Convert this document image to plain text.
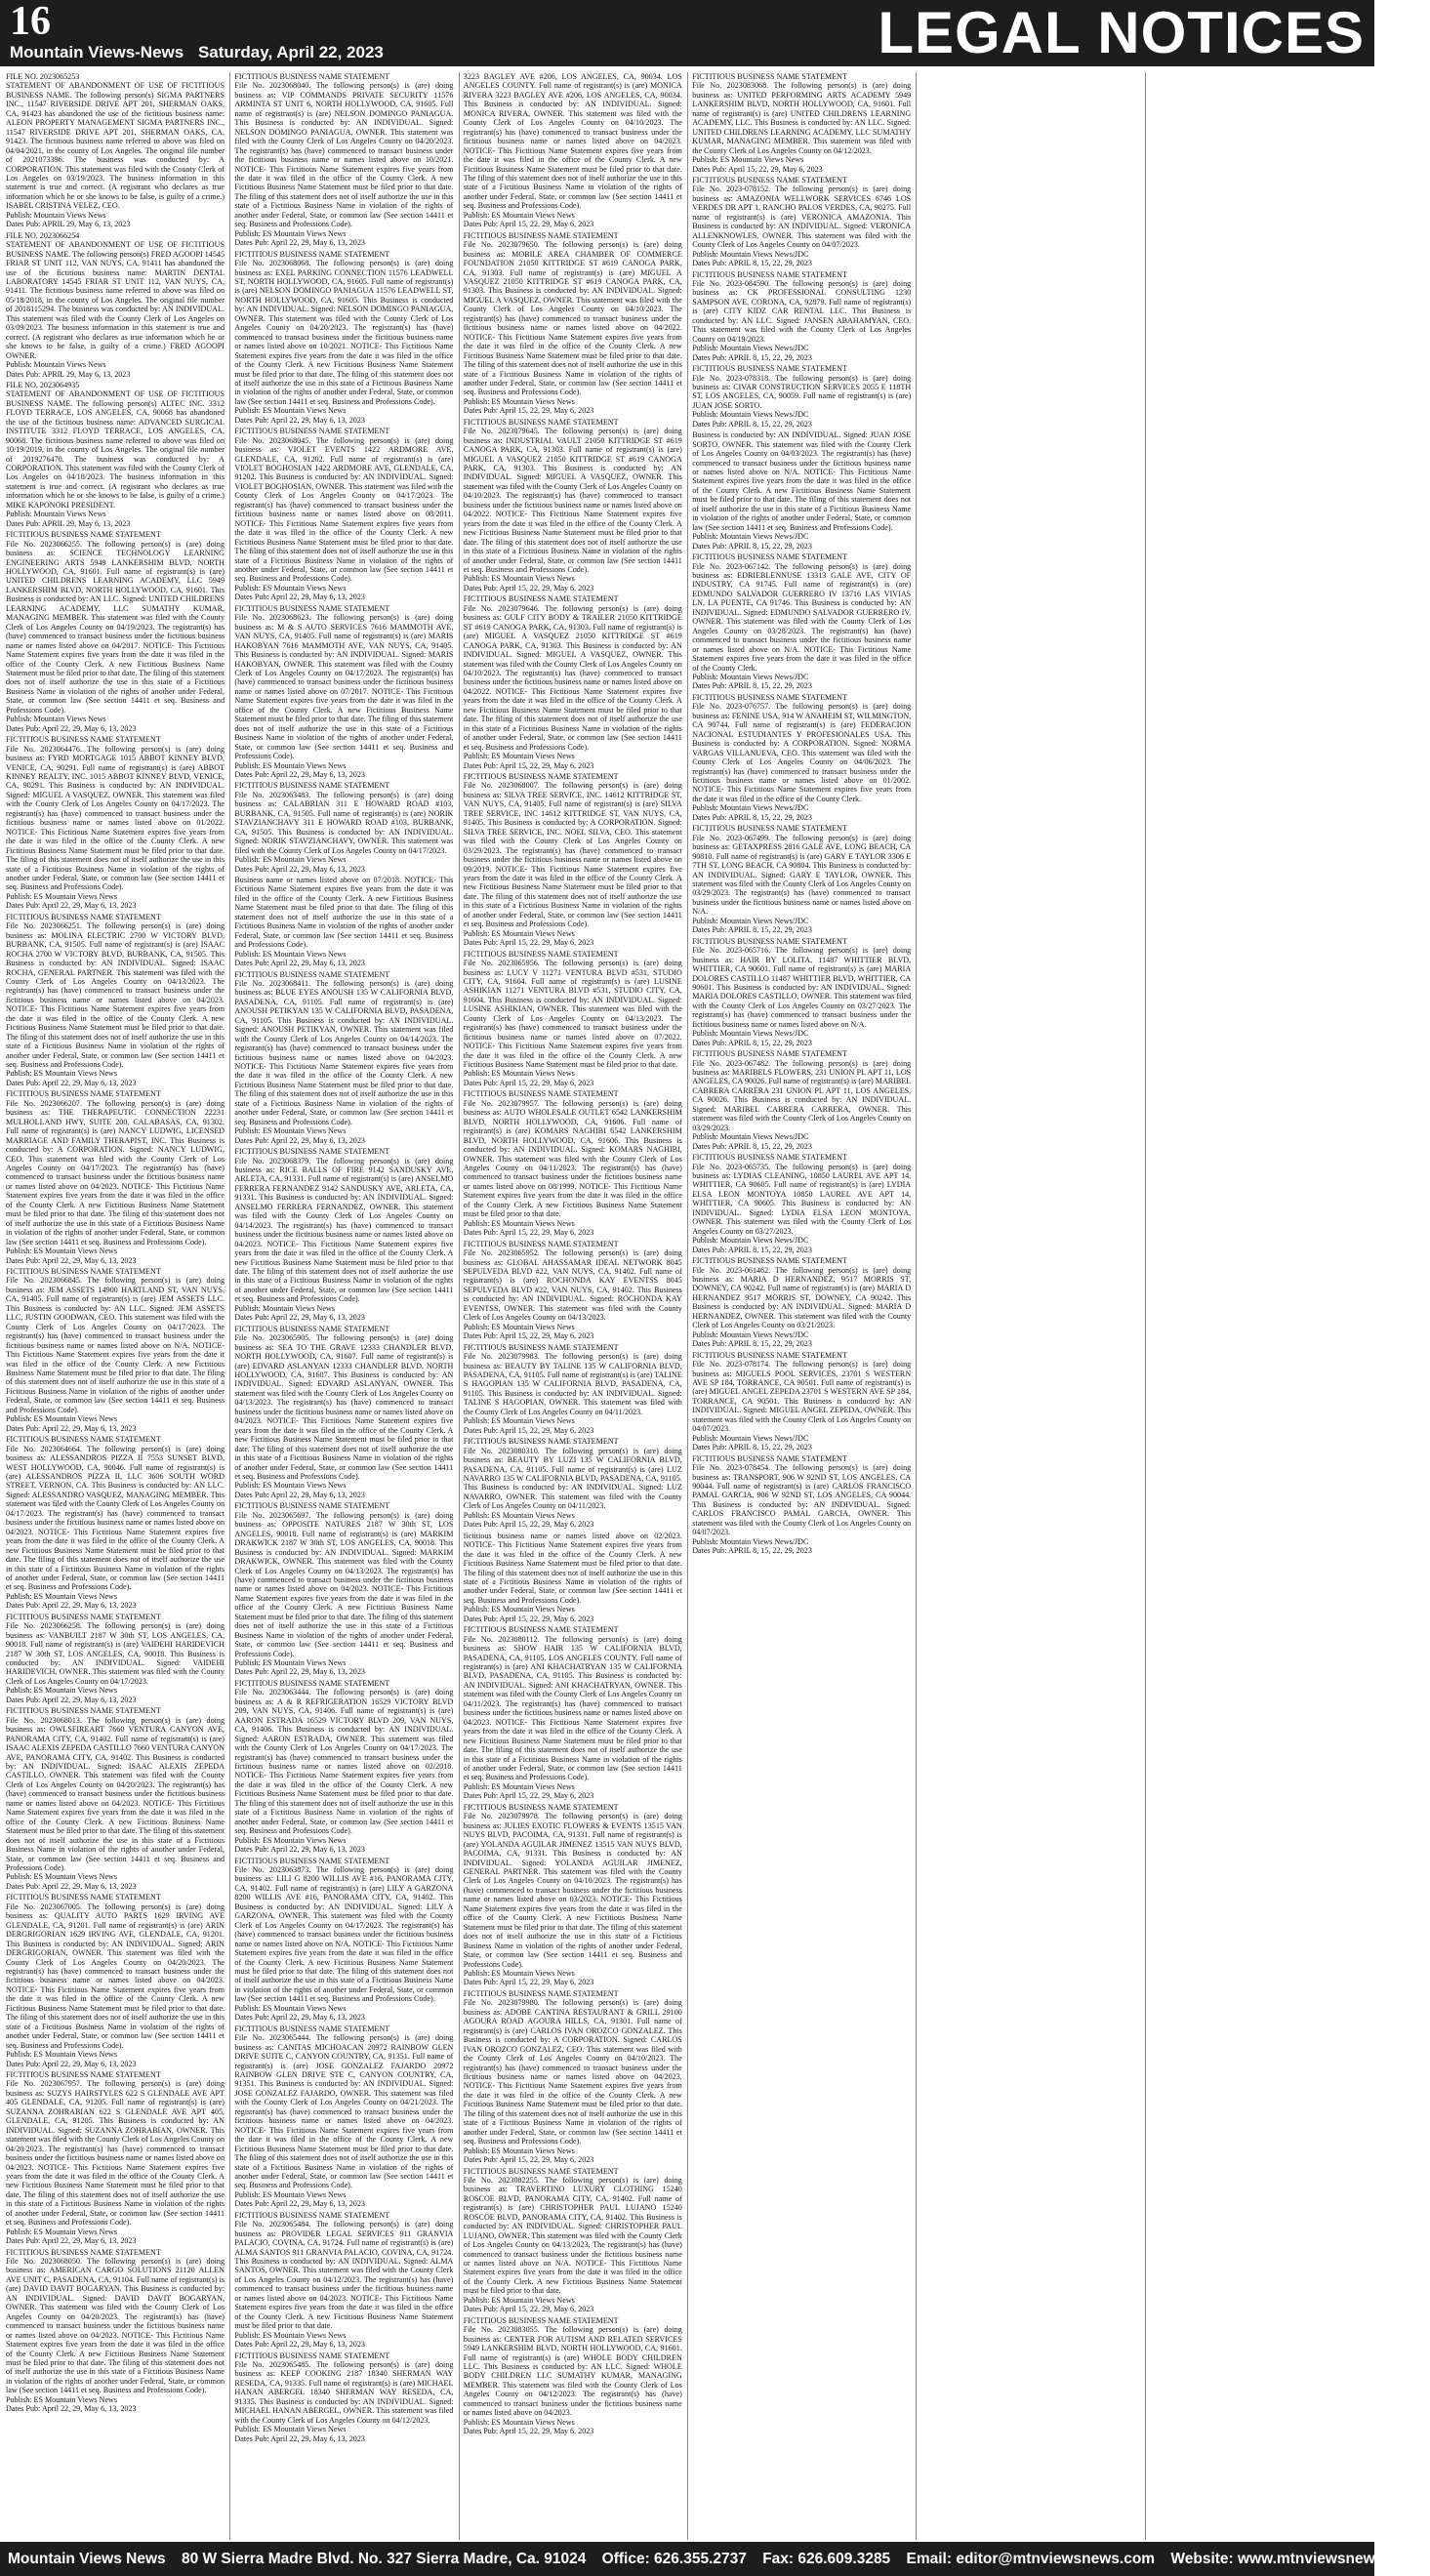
16
Mountain Views-News Saturday, April 22, 2023	LEGAL NOTICES
FILE NO. 2023065253
STATEMENT OF ABANDONMENT OF USE OF FICTITIOUS BUSINESS NAME. The following person(s) SIGMA PARTNERS INC., 11547 RIVERSIDE DRIVE APT 201, SHERMAN OAKS, CA, 91423 has abandoned the use of the fictitious business name: ALEON PROPERTY MANAGEMENT SIGMA PARTNERS INC., 11547 RIVERSIDE DRIVE APT 201, SHERMAN OAKS, CA, 91423. The fictitious business name referred to above was filed on 04/04/2021, in the county of Los Angeles. The original file number of 2021073396. The business was conducted by: A CORPORATION. This statement was filed with the County Clerk of Los Angeles on 03/19/2023. The business information in this statement is true and correct. (A registrant who declares as true information which he or she knows to be false, is guilty of a crime.) ISABEL CRISTINA VELEZ, CEO.
Publish: Mountain Views News
Dates Pub: APRIL 29, May 6, 13, 2023
FILE NO. 2023066254
STATEMENT OF ABANDONMENT OF USE OF FICTITIOUS BUSINESS NAME. The following person(s) FRED AGOOPI 14545 FRIAR ST UNIT 112, VAN NUYS, CA, 91411 has abandoned the use of the fictitious business name: MARTIN DENTAL LABORATORY 14545 FRIAR ST UNIT 112, VAN NUYS, CA, 91411. The fictitious business name referred to above was filed on 05/18/2018, in the county of Los Angeles. The original file number of 2018115294. The business was conducted by: AN INDIVIDUAL. This statement was filed with the County Clerk of Los Angeles on 03/09/2023. The business information in this statement is true and correct. (A registrant who declares as true information which he or she knows to be false, is guilty of a crime.) FRED AGOOPI OWNER.
Publish: Mountain Views News
Dates Pub: APRIL 29, May 6, 13, 2023
FILE NO. 2023064935
STATEMENT OF ABANDONMENT OF USE OF FICTITIOUS BUSINESS NAME. The following person(s) ALTEC INC. 3312 FLOYD TERRACE, LOS ANGELES, CA, 90068 has abandoned the use of the fictitious business name: ADVANCED SURGICAL INSTITUTE 3312 FLOYD TERRACE, LOS ANGELES, CA, 90068. The fictitious business name referred to above was filed on 10/19/2019, in the county of Los Angeles. The original file number of 2019276470. The business was conducted by: A CORPORATION. This statement was filed with the County Clerk of Los Angeles on 04/18/2023. The business information in this statement is true and correct. (A registrant who declares as true information which he or she knows to be false, is guilty of a crime.) MIKE KAPONOKI PRESIDENT.
Publish: Mountain Views News
Dates Pub: APRIL 29, May 6, 13, 2023
FICTITIOUS BUSINESS NAME STATEMENT
File No. 2023066255. The following person(s) is (are) doing business as: SCIENCE TECHNOLOGY LEARNING ENGINEERING ARTS 5949 LANKERSHIM BLVD, NORTH HOLLYWOOD, CA, 91601. Full name of registrant(s) is (are) UNITED CHILDRENS LEARNING ACADEMY, LLC 5949 LANKERSHIM BLVD, NORTH HOLLYWOOD, CA, 91601. This Business is conducted by: AN LLC. Signed: UNITED CHILDRENS LEARNING ACADEMY, LLC SUMATHY KUMAR, MANAGING MEMBER. This statement was filed with the County Clerk of Los Angeles County on 04/19/2023. The registrant(s) has (have) commenced to transact business under the fictitious business name or names listed above on 04/2017. NOTICE- This Fictitious Name Statement expires five years from the date it was filed in the office of the County Clerk. A new Fictitious Business Name Statement must be filed prior to that date. The filing of this statement does not of itself authorize the use in this state of a Fictitious Business Name in violation of the rights of another under Federal, State, or common law (See section 14411 et seq. Business and Professions Code).
Publish: Mountain Views News
Dates Pub: April 22, 29, May 6, 13, 2023
FICTITIOUS BUSINESS NAME STATEMENT
File No. 2023064476. The following person(s) is (are) doing business as: FYRD MORTGAGE 1015 ABBOT KINNEY BLVD, VENICE, CA, 90291. Full name of registrant(s) is (are) ABBOT KINNEY REALTY, INC. 1015 ABBOT KINNEY BLVD, VENICE, CA, 90291. This Business is conducted by: AN INDIVIDUAL. Signed: MIGUEL A VASQUEZ, OWNER. This statement was filed with the County Clerk of Los Angeles County on 04/17/2023. The registrant(s) has (have) commenced to transact business under the fictitious business name or names listed above on 01/2022. NOTICE- This Fictitious Name Statement expires five years from the date it was filed in the office of the County Clerk. A new Fictitious Business Name Statement must be filed prior to that date. The filing of this statement does not of itself authorize the use in this state of a Fictitious Business Name in violation of the rights of another under Federal, State, or common law (See section 14411 et seq. Business and Professions Code).
Publish: ES Mountain Views News
Dates Pub: April 22, 29, May 6, 13, 2023
FICTITIOUS BUSINESS NAME STATEMENT
File No. 2023066251. The following person(s) is (are) doing business as: MOLINA ELECTRIC 2700 W VICTORY BLVD, BURBANK, CA, 91505. Full name of registrant(s) is (are) ISAAC ROCHA 2700 W VICTORY BLVD, BURBANK, CA, 91505. This Business is conducted by: AN INDIVIDUAL. Signed: ISAAC ROCHA, GENERAL PARTNER. This statement was filed with the County Clerk of Los Angeles County on 04/13/2023. The registrant(s) has (have) commenced to transact business under the fictitious business name or names listed above on 04/2023. NOTICE- This Fictitious Name Statement expires five years from the date it was filed in the office of the County Clerk. A new Fictitious Business Name Statement must be filed prior to that date. The filing of this statement does not of itself authorize the use in this state of a Fictitious Business Name in violation of the rights of another under Federal, State, or common law (See section 14411 et seq. Business and Professions Code).
Publish: ES Mountain Views News
Dates Pub: April 22, 29, May 6, 13, 2023
FICTITIOUS BUSINESS NAME STATEMENT
File No. 2023066207. The following person(s) is (are) doing business as: THE THERAPEUTIC CONNECTION 22231 MULHOLLAND HWY, SUITE 200, CALABASAS, CA, 91302. Full name of registrant(s) is (are) NANCY LUDWIG, LICENSED MARRIAGE AND FAMILY THERAPIST, INC. This Business is conducted by: A CORPORATION. Signed: NANCY LUDWIG, CEO. This statement was filed with the County Clerk of Los Angeles County on 04/17/2023. The registrant(s) has (have) commenced to transact business under the fictitious business name or names listed above on 04/2023. NOTICE- This Fictitious Name Statement expires five years from the date it was filed in the office of the County Clerk. A new Fictitious Business Name Statement must be filed prior to that date. The filing of this statement does not of itself authorize the use in this state of a Fictitious Business Name in violation of the rights of another under Federal, State, or common law (See section 14411 et seq. Business and Professions Code).
Publish: ES Mountain Views News
Dates Pub: April 22, 29, May 6, 13, 2023
FICTITIOUS BUSINESS NAME STATEMENT
File No. 2023066845. The following person(s) is (are) doing business as: JEM ASSETS 14900 HARTLAND ST, VAN NUYS, CA, 91405. Full name of registrant(s) is (are) JEM ASSETS LLC. This Business is conducted by: AN LLC. Signed: JEM ASSETS LLC, JUSTIN GOODWAN, CEO. This statement was filed with the County Clerk of Los Angeles County on 04/17/2023. The registrant(s) has (have) commenced to transact business under the fictitious business name or names listed above on N/A. NOTICE- This Fictitious Name Statement expires five years from the date it was filed in the office of the County Clerk. A new Fictitious Business Name Statement must be filed prior to that date. The filing of this statement does not of itself authorize the use in this state of a Fictitious Business Name in violation of the rights of another under Federal, State, or common law (See section 14411 et seq. Business and Professions Code).
Publish: ES Mountain Views News
Dates Pub: April 22, 29, May 6, 13, 2023
FICTITIOUS BUSINESS NAME STATEMENT
File No. 2023064664. The following person(s) is (are) doing business as: ALESSANDROS PIZZA II 7553 SUNSET BLVD, WEST HOLLYWOOD, CA, 90046. Full name of registrant(s) is (are) ALESSANDROS PIZZA II, LLC 3606 SOUTH WORD STREET, VERNON, CA. This Business is conducted by: AN LLC. Signed: ALESSANDRO VASQUEZ, MANAGING MEMBER. This statement was filed with the County Clerk of Los Angeles County on 04/17/2023. The registrant(s) has (have) commenced to transact business under the fictitious business name or names listed above on 04/2023. NOTICE- This Fictitious Name Statement expires five years from the date it was filed in the office of the County Clerk. A new Fictitious Business Name Statement must be filed prior to that date. The filing of this statement does not of itself authorize the use in this state of a Fictitious Business Name in violation of the rights of another under Federal, State, or common law (See section 14411 et seq. Business and Professions Code).
Publish: ES Mountain Views News
Dates Pub: April 22, 29, May 6, 13, 2023
FICTITIOUS BUSINESS NAME STATEMENT
File No. 2023066258. The following person(s) is (are) doing business as: VANBUILT 2187 W 30th ST, LOS ANGELES, CA, 90018. Full name of registrant(s) is (are) VAIDEHI HARIDEVICH 2187 W 30th ST, LOS ANGELES, CA, 90018. This Business is conducted by: AN INDIVIDUAL. Signed: VAIDEHI HARIDEVICH, OWNER. This statement was filed with the County Clerk of Los Angeles County on 04/17/2023.
Publish: ES Mountain Views News
Dates Pub: April 22, 29, May 6, 13, 2023
FICTITIOUS BUSINESS NAME STATEMENT
File No. 2023068013. The following person(s) is (are) doing business as: OWLSFIREART 7660 VENTURA CANYON AVE, PANORAMA CITY, CA, 91402. Full name of registrant(s) is (are) ISAAC ALEXIS ZEPEDA CASTILLO 7660 VENTURA CANYON AVE, PANORAMA CITY, CA, 91402. This Business is conducted by: AN INDIVIDUAL. Signed: ISAAC ALEXIS ZEPEDA CASTILLO, OWNER. This statement was filed with the County Clerk of Los Angeles County on 04/20/2023. The registrant(s) has (have) commenced to transact business under the fictitious business name or names listed above on 04/2023. NOTICE- This Fictitious Name Statement expires five years from the date it was filed in the office of the County Clerk. A new Fictitious Business Name Statement must be filed prior to that date. The filing of this statement does not of itself authorize the use in this state of a Fictitious Business Name in violation of the rights of another under Federal, State, or common law (See section 14411 et seq. Business and Professions Code).
Publish: ES Mountain Views News
Dates Pub: April 22, 29, May 6, 13, 2023
FICTITIOUS BUSINESS NAME STATEMENT
File No. 2023067005. The following person(s) is (are) doing business as: QUALITY AUTO PARTS 1629 IRVING AVE GLENDALE, CA, 91201. Full name of registrant(s) is (are) ARIN DERGRIGORIAN 1629 IRVING AVE, GLENDALE, CA, 91201. This Business is conducted by: AN INDIVIDUAL. Signed: ARIN DERGRIGORIAN, OWNER. This statement was filed with the County Clerk of Los Angeles County on 04/20/2023. The registrant(s) has (have) commenced to transact business under the fictitious business name or names listed above on 04/2023. NOTICE- This Fictitious Name Statement expires five years from the date it was filed in the office of the County Clerk. A new Fictitious Business Name Statement must be filed prior to that date. The filing of this statement does not of itself authorize the use in this state of a Fictitious Business Name in violation of the rights of another under Federal, State, or common law (See section 14411 et seq. Business and Professions Code).
Publish: ES Mountain Views News
Dates Pub: April 22, 29, May 6, 13, 2023
FICTITIOUS BUSINESS NAME STATEMENT
File No. 2023067957. The following person(s) is (are) doing business as: SUZYS HAIRSTYLES 622 S GLENDALE AVE APT 405 GLENDALE, CA, 91205. Full name of registrant(s) is (are) SUZANNA ZOHRABIAN 622 S GLENDALE AVE APT 405, GLENDALE, CA, 91205. This Business is conducted by: AN INDIVIDUAL. Signed: SUZANNA ZOHRABIAN, OWNER. This statement was filed with the County Clerk of Los Angeles County on 04/20/2023. The registrant(s) has (have) commenced to transact business under the fictitious business name or names listed above on 04/2023. NOTICE- This Fictitious Name Statement expires five years from the date it was filed in the office of the County Clerk. A new Fictitious Business Name Statement must be filed prior to that date. The filing of this statement does not of itself authorize the use in this state of a Fictitious Business Name in violation of the rights of another under Federal, State, or common law (See section 14411 et seq. Business and Professions Code).
Publish: ES Mountain Views News
Dates Pub: April 22, 29, May 6, 13, 2023
FICTITIOUS BUSINESS NAME STATEMENT
File No. 2023068050. The following person(s) is (are) doing business as: AMERICAN CARGO SOLUTIONS 21120 ALLEN AVE UNIT C, PASADENA, CA, 91104. Full name of registrant(s) is (are) DAVID DAVIT BOGARYAN. This Business is conducted by: AN INDIVIDUAL. Signed: DAVID DAVIT BOGARYAN, OWNER. This statement was filed with the County Clerk of Los Angeles County on 04/20/2023. The registrant(s) has (have) commenced to transact business under the fictitious business name or names listed above on 04/2023. NOTICE- This Fictitious Name Statement expires five years from the date it was filed in the office of the County Clerk. A new Fictitious Business Name Statement must be filed prior to that date. The filing of this statement does not of itself authorize the use in this state of a Fictitious Business Name in violation of the rights of another under Federal, State, or common law (See section 14411 et seq. Business and Professions Code).
Publish: ES Mountain Views News
Dates Pub: April 22, 29, May 6, 13, 2023
FICTITIOUS BUSINESS NAME STATEMENT
File No. 2023068040. The following person(s) is (are) doing business as: VIP COMMANDS PRIVATE SECURITY 11576 ARMINTA ST UNIT 6, NORTH HOLLYWOOD, CA, 91605. Full name of registrant(s) is (are) NELSON DOMINGO PANIAGUA. This Business is conducted by: AN INDIVIDUAL. Signed: NELSON DOMINGO PANIAGUA, OWNER. This statement was filed with the County Clerk of Los Angeles County on 04/20/2023. The registrant(s) has (have) commenced to transact business under the fictitious business name or names listed above on 10/2021. NOTICE- This Fictitious Name Statement expires five years from the date it was filed in the office of the County Clerk. A new Fictitious Business Name Statement must be filed prior to that date. The filing of this statement does not of itself authorize the use in this state of a Fictitious Business Name in violation of the rights of another under Federal, State, or common law (See section 14411 et seq. Business and Professions Code).
Publish: ES Mountain Views News
Dates Pub: April 22, 29, May 6, 13, 2023
FICTITIOUS BUSINESS NAME STATEMENT
File No. 2023068068. The following person(s) is (are) doing business as: EXEL PARKING CONNECTION 11576 LEADWELL ST, NORTH HOLLYWOOD, CA, 91605. Full name of registrant(s) is (are) NELSON DOMINGO PANIAGUA 11576 LEADWELL ST, NORTH HOLLYWOOD, CA, 91605. This Business is conducted by: AN INDIVIDUAL. Signed: NELSON DOMINGO PANIAGUA, OWNER. This statement was filed with the County Clerk of Los Angeles County on 04/20/2023. The registrant(s) has (have) commenced to transact business under the fictitious business name or names listed above on 10/2021. NOTICE- This Fictitious Name Statement expires five years from the date it was filed in the office of the County Clerk. A new Fictitious Business Name Statement must be filed prior to that date. The filing of this statement does not of itself authorize the use in this state of a Fictitious Business Name in violation of the rights of another under Federal, State, or common law (See section 14411 et seq. Business and Professions Code).
Publish: ES Mountain Views News
Dates Pub: April 22, 29, May 6, 13, 2023
FICTITIOUS BUSINESS NAME STATEMENT
File No. 2023068045. The following person(s) is (are) doing business as: VIOLET EVENTS 1422 ARDMORE AVE, GLENDALE, CA, 91202. Full name of registrant(s) is (are) VIOLET BOGHOSIAN 1422 ARDMORE AVE, GLENDALE, CA, 91202. This Business is conducted by: AN INDIVIDUAL. Signed: VIOLET BOGHOSIAN, OWNER. This statement was filed with the County Clerk of Los Angeles County on 04/17/2023. The registrant(s) has (have) commenced to transact business under the fictitious business name or names listed above on 08/2011. NOTICE- This Fictitious Name Statement expires five years from the date it was filed in the office of the County Clerk. A new Fictitious Business Name Statement must be filed prior to that date. The filing of this statement does not of itself authorize the use in this state of a Fictitious Business Name in violation of the rights of another under Federal, State, or common law (See section 14411 et seq. Business and Professions Code).
Publish: ES Mountain Views News
Dates Pub: April 22, 29, May 6, 13, 2023
FICTITIOUS BUSINESS NAME STATEMENT
File No. 2023068623. The following person(s) is (are) doing business as: M & S AUTO SERVICES 7616 MAMMOTH AVE, VAN NUYS, CA, 91405. Full name of registrant(s) is (are) MARIS HAKOBYAN 7616 MAMMOTH AVE, VAN NUYS, CA, 91405. This Business is conducted by: AN INDIVIDUAL. Signed: MARIS HAKOBYAN, OWNER. This statement was filed with the County Clerk of Los Angeles County on 04/17/2023. The registrant(s) has (have) commenced to transact business under the fictitious business name or names listed above on 07/2017. NOTICE- This Fictitious Name Statement expires five years from the date it was filed in the office of the County Clerk. A new Fictitious Business Name Statement must be filed prior to that date. The filing of this statement does not of itself authorize the use in this state of a Fictitious Business Name in violation of the rights of another under Federal, State, or common law (See section 14411 et seq. Business and Professions Code).
Publish: ES Mountain Views News
Dates Pub: April 22, 29, May 6, 13, 2023
FICTITIOUS BUSINESS NAME STATEMENT
File No. 2023063483. The following person(s) is (are) doing business as: CALABRIAN 311 E HOWARD ROAD #103, BURBANK, CA, 91505. Full name of registrant(s) is (are) NORIK STAVZIANCHAVY 311 E HOWARD ROAD #103, BURBANK, CA, 91505. This Business is conducted by: AN INDIVIDUAL. Signed: NORIK STAVZIANCHAVY, OWNER. This statement was filed with the County Clerk of Los Angeles County on 04/17/2023.
Publish: ES Mountain Views News
Dates Pub: April 22, 29, May 6, 13, 2023
Business name or names listed above on 07/2018. NOTICE- This Fictitious Name Statement expires five years from the date it was filed in the office of the County Clerk. A new Fictitious Business Name Statement must be filed prior to that date. The filing of this statement does not of itself authorize the use in this state of a Fictitious Business Name in violation of the rights of another under Federal, State, or common law (See section 14411 et seq. Business and Professions Code).
Publish: ES Mountain Views News
Dates Pub: April 22, 29, May 6, 13, 2023
FICTITIOUS BUSINESS NAME STATEMENT
File No. 2023068411. The following person(s) is (are) doing business as: BLUE EYES ANOUSH 135 W CALIFORNIA BLVD, PASADENA, CA, 91105. Full name of registrant(s) is (are) ANOUSH PETIKYAN 135 W CALIFORNIA BLVD, PASADENA, CA, 91105. This Business is conducted by: AN INDIVIDUAL. Signed: ANOUSH PETIKYAN, OWNER. This statement was filed with the County Clerk of Los Angeles County on 04/14/2023. The registrant(s) has (have) commenced to transact business under the fictitious business name or names listed above on 04/2023. NOTICE- This Fictitious Name Statement expires five years from the date it was filed in the office of the County Clerk. A new Fictitious Business Name Statement must be filed prior to that date. The filing of this statement does not of itself authorize the use in this state of a Fictitious Business Name in violation of the rights of another under Federal, State, or common law (See section 14411 et seq. Business and Professions Code).
Publish: ES Mountain Views News
Dates Pub: April 22, 29, May 6, 13, 2023
FICTITIOUS BUSINESS NAME STATEMENT
File No. 2023068379. The following person(s) is (are) doing business as: RICE BALLS OF FIRE 9142 SANDUSKY AVE, ARLETA, CA, 91331. Full name of registrant(s) is (are) ANSELMO FERRERA FERNANDEZ 9142 SANDUSKY AVE, ARLETA, CA, 91331. This Business is conducted by: AN INDIVIDUAL. Signed: ANSELMO FERRERA FERNANDEZ, OWNER. This statement was filed with the County Clerk of Los Angeles County on 04/14/2023. The registrant(s) has (have) commenced to transact business under the fictitious business name or names listed above on 04/2023. NOTICE- This Fictitious Name Statement expires five years from the date it was filed in the office of the County Clerk. A new Fictitious Business Name Statement must be filed prior to that date. The filing of this statement does not of itself authorize the use in this state of a Fictitious Business Name in violation of the rights of another under Federal, State, or common law (See section 14411 et seq. Business and Professions Code).
Publish: Mountain Views News
Dates Pub: April 22, 29, May 6, 13, 2023
FICTITIOUS BUSINESS NAME STATEMENT
File No. 2023065905. The following person(s) is (are) doing business as: SEA TO THE GRAVE 12333 CHANDLER BLVD, NORTH HOLLYWOOD, CA, 91607. Full name of registrant(s) is (are) EDVARD ASLANYAN 12333 CHANDLER BLVD, NORTH HOLLYWOOD, CA, 91607. This Business is conducted by: AN INDIVIDUAL. Signed: EDVARD ASLANYAN, OWNER. This statement was filed with the County Clerk of Los Angeles County on 04/13/2023. The registrant(s) has (have) commenced to transact business under the fictitious business name or names listed above on 04/2023. NOTICE- This Fictitious Name Statement expires five years from the date it was filed in the office of the County Clerk. A new Fictitious Business Name Statement must be filed prior to that date. The filing of this statement does not of itself authorize the use in this state of a Fictitious Business Name in violation of the rights of another under Federal, State, or common law (See section 14411 et seq. Business and Professions Code).
Publish: ES Mountain Views News
Dates Pub: April 22, 29, May 6, 13, 2023
FICTITIOUS BUSINESS NAME STATEMENT
File No. 2023065697. The following person(s) is (are) doing business as: OPPOSITE NATURES 2187 W 30th ST, LOS ANGELES, 90018. Full name of registrant(s) is (are) MARKIM DRAKWICK 2187 W 30th ST, LOS ANGELES, CA, 90018. This Business is conducted by: AN INDIVIDUAL. Signed: MARKIM DRAKWICK, OWNER. This statement was filed with the County Clerk of Los Angeles County on 04/13/2023. The registrant(s) has (have) commenced to transact business under the fictitious business name or names listed above on 04/2023. NOTICE- This Fictitious Name Statement expires five years from the date it was filed in the office of the County Clerk. A new Fictitious Business Name Statement must be filed prior to that date. The filing of this statement does not of itself authorize the use in this state of a Fictitious Business Name in violation of the rights of another under Federal, State, or common law (See section 14411 et seq. Business and Professions Code).
Publish: ES Mountain Views News
Dates Pub: April 22, 29, May 6, 13, 2023
FICTITIOUS BUSINESS NAME STATEMENT
File No. 2023063444. The following person(s) is (are) doing business as: A & R REFRIGERATION 16529 VICTORY BLVD 209, VAN NUYS, CA, 91406. Full name of registrant(s) is (are) AARON ESTRADA 16529 VICTORY BLVD 209, VAN NUYS, CA, 91406. This Business is conducted by: AN INDIVIDUAL. Signed: AARON ESTRADA, OWNER. This statement was filed with the County Clerk of Los Angeles County on 04/17/2023. The registrant(s) has (have) commenced to transact business under the fictitious business name or names listed above on 02/2018. NOTICE- This Fictitious Name Statement expires five years from the date it was filed in the office of the County Clerk. A new Fictitious Business Name Statement must be filed prior to that date. The filing of this statement does not of itself authorize the use in this state of a Fictitious Business Name in violation of the rights of another under Federal, State, or common law (See section 14411 et seq. Business and Professions Code).
Publish: ES Mountain Views News
Dates Pub: April 22, 29, May 6, 13, 2023
FICTITIOUS BUSINESS NAME STATEMENT
File No. 2023063873. The following person(s) is (are) doing business as: LILI G 8200 WILLIS AVE #16, PANORAMA CITY, CA, 91402. Full name of registrant(s) is (are) LILY A GARZONA 8200 WILLIS AVE #16, PANORAMA CITY, CA, 91402. This Business is conducted by: AN INDIVIDUAL. Signed: LILY A GARZONA, OWNER. This statement was filed with the County Clerk of Los Angeles County on 04/17/2023. The registrant(s) has (have) commenced to transact business under the fictitious business name or names listed above on N/A. NOTICE- This Fictitious Name Statement expires five years from the date it was filed in the office of the County Clerk. A new Fictitious Business Name Statement must be filed prior to that date. The filing of this statement does not of itself authorize the use in this state of a Fictitious Business Name in violation of the rights of another under Federal, State, or common law (See section 14411 et seq. Business and Professions Code).
Publish: ES Mountain Views News
Dates Pub: April 22, 29, May 6, 13, 2023
FICTITIOUS BUSINESS NAME STATEMENT
File No. 2023065444. The following person(s) is (are) doing business as: CANITAS MICHOACAN 20972 RAINBOW GLEN DRIVE SUITE C, CANYON COUNTRY, CA, 91351. Full name of registrant(s) is (are) JOSE GONZALEZ FAJARDO 20972 RAINBOW GLEN DRIVE STE C, CANYON COUNTRY, CA, 91351. This Business is conducted by: AN INDIVIDUAL. Signed: JOSE GONZALEZ FAJARDO, OWNER. This statement was filed with the County Clerk of Los Angeles County on 04/21/2023. The registrant(s) has (have) commenced to transact business under the fictitious business name or names listed above on 04/2023. NOTICE- This Fictitious Name Statement expires five years from the date it was filed in the office of the County Clerk. A new Fictitious Business Name Statement must be filed prior to that date. The filing of this statement does not of itself authorize the use in this state of a Fictitious Business Name in violation of the rights of another under Federal, State, or common law (See section 14411 et seq. Business and Professions Code).
Publish: ES Mountain Views News
Dates Pub: April 22, 29, May 6, 13, 2023
FICTITIOUS BUSINESS NAME STATEMENT
File No. 2023065484. The following person(s) is (are) doing business as: PROVIDER LEGAL SERVICES 911 GRANVIA PALACIO, COVINA, CA, 91724. Full name of registrant(s) is (are) ALMA SANTOS 911 GRANVIA PALACIO, COVINA, CA, 91724. This Business is conducted by: AN INDIVIDUAL. Signed: ALMA SANTOS, OWNER. This statement was filed with the County Clerk of Los Angeles County on 04/12/2023. The registrant(s) has (have) commenced to transact business under the fictitious business name or names listed above on 04/2023. NOTICE- This Fictitious Name Statement expires five years from the date it was filed in the office of the County Clerk. A new Fictitious Business Name Statement must be filed prior to that date.
Publish: ES Mountain Views News
Dates Pub: April 22, 29, May 6, 13, 2023
FICTITIOUS BUSINESS NAME STATEMENT
File No. 2023065485. The following person(s) is (are) doing business as: KEEP COOKING 2187 18340 SHERMAN WAY RESEDA, CA, 91335. Full name of registrant(s) is (are) MICHAEL HANAN ABERGEL 18340 SHERMAN WAY RESEDA, CA, 91335. This Business is conducted by: AN INDIVIDUAL. Signed: MICHAEL HANAN ABERGEL, OWNER. This statement was filed with the County Clerk of Los Angeles County on 04/12/2023.
Publish: ES Mountain Views News
Dates Pub: April 22, 29, May 6, 13, 2023
3223 BAGLEY AVE #206, LOS ANGELES, CA, 90034. LOS ANGELES COUNTY. Full name of registrant(s) is (are) MONICA RIVERA 3223 BAGLEY AVE #206, LOS ANGELES, CA, 90034. This Business is conducted by: AN INDIVIDUAL. Signed: MONICA RIVERA, OWNER. This statement was filed with the County Clerk of Los Angeles County on 04/10/2023. The registrant(s) has (have) commenced to transact business under the fictitious business name or names listed above on 04/2023. NOTICE- This Fictitious Name Statement expires five years from the date it was filed in the office of the County Clerk. A new Fictitious Business Name Statement must be filed prior to that date. The filing of this statement does not of itself authorize the use in this state of a Fictitious Business Name in violation of the rights of another under Federal, State, or common law (See section 14411 et seq. Business and Professions Code).
Publish: ES Mountain Views News
Dates Pub: April 15, 22, 29, May 6, 2023
FICTITIOUS BUSINESS NAME STATEMENT
File No. 2023079650. The following person(s) is (are) doing business as: MOBILE AREA CHAMBER OF COMMERCE FOUNDATION 21050 KITTRIDGE ST #619 CANOGA PARK, CA, 91303. Full name of registrant(s) is (are) MIGUEL A VASQUEZ 21050 KITTRIDGE ST #619 CANOGA PARK, CA, 91303. This Business is conducted by: AN INDIVIDUAL. Signed: MIGUEL A VASQUEZ, OWNER. This statement was filed with the County Clerk of Los Angeles County on 04/10/2023. The registrant(s) has (have) commenced to transact business under the fictitious business name or names listed above on 04/2022. NOTICE- This Fictitious Name Statement expires five years from the date it was filed in the office of the County Clerk. A new Fictitious Business Name Statement must be filed prior to that date. The filing of this statement does not of itself authorize the use in this state of a Fictitious Business Name in violation of the rights of another under Federal, State, or common law (See section 14411 et seq. Business and Professions Code).
Publish: ES Mountain Views News
Dates Pub: April 15, 22, 29, May 6, 2023
FICTITIOUS BUSINESS NAME STATEMENT
File No. 2023079645. The following person(s) is (are) doing business as: INDUSTRIAL VAULT 21050 KITTRIDGE ST #619 CANOGA PARK, CA, 91303. Full name of registrant(s) is (are) MIGUEL A VASQUEZ 21050 KITTRIDGE ST #619 CANOGA PARK, CA, 91303. This Business is conducted by: AN INDIVIDUAL. Signed: MIGUEL A VASQUEZ, OWNER. This statement was filed with the County Clerk of Los Angeles County on 04/10/2023. The registrant(s) has (have) commenced to transact business under the fictitious business name or names listed above on 04/2022. NOTICE- This Fictitious Name Statement expires five years from the date it was filed in the office of the County Clerk. A new Fictitious Business Name Statement must be filed prior to that date. The filing of this statement does not of itself authorize the use in this state of a Fictitious Business Name in violation of the rights of another under Federal, State, or common law (See section 14411 et seq. Business and Professions Code).
Publish: ES Mountain Views News
Dates Pub: April 15, 22, 29, May 6, 2023
FICTITIOUS BUSINESS NAME STATEMENT
File No. 2023079646. The following person(s) is (are) doing business as: GULF CITY BODY & TRAILER 21050 KITTRIDGE ST #619 CANOGA PARK, CA, 91303. Full name of registrant(s) is (are) MIGUEL A VASQUEZ 21050 KITTRIDGE ST #619 CANOGA PARK, CA, 91303. This Business is conducted by: AN INDIVIDUAL. Signed: MIGUEL A VASQUEZ, OWNER. This statement was filed with the County Clerk of Los Angeles County on 04/10/2023. The registrant(s) has (have) commenced to transact business under the fictitious business name or names listed above on 04/2022. NOTICE- This Fictitious Name Statement expires five years from the date it was filed in the office of the County Clerk. A new Fictitious Business Name Statement must be filed prior to that date. The filing of this statement does not of itself authorize the use in this state of a Fictitious Business Name in violation of the rights of another under Federal, State, or common law (See section 14411 et seq. Business and Professions Code).
Publish: ES Mountain Views News
Dates Pub: April 15, 22, 29, May 6, 2023
FICTITIOUS BUSINESS NAME STATEMENT
File No. 2023068007. The following person(s) is (are) doing business as: SILVA TREE SERVICE, INC. 14612 KITTRIDGE ST, VAN NUYS, CA, 91405. Full name of registrant(s) is (are) SILVA TREE SERVICE, INC 14612 KITTRIDGE ST, VAN NUYS, CA, 91405. This Business is conducted by: A CORPORATION. Signed: SILVA TREE SERVICE, INC. NOEL SILVA, CEO. This statement was filed with the County Clerk of Los Angeles County on 03/29/2023. The registrant(s) has (have) commenced to transact business under the fictitious business name or names listed above on 09/2019. NOTICE- This Fictitious Name Statement expires five years from the date it was filed in the office of the County Clerk. A new Fictitious Business Name Statement must be filed prior to that date. The filing of this statement does not of itself authorize the use in this state of a Fictitious Business Name in violation of the rights of another under Federal, State, or common law (See section 14411 et seq. Business and Professions Code).
Publish: ES Mountain Views News
Dates Pub: April 15, 22, 29, May 6, 2023
FICTITIOUS BUSINESS NAME STATEMENT
File No. 2023065956. The following person(s) is (are) doing business as: LUCY V 11271 VENTURA BLVD #531, STUDIO CITY, CA, 91604. Full name of registrant(s) is (are) LUSINE ASHIKIAN 11271 VENTURA BLVD #531, STUDIO CITY, CA, 91604. This Business is conducted by: AN INDIVIDUAL. Signed: LUSINE ASHIKIAN, OWNER. This statement was filed with the County Clerk of Los Angeles County on 04/13/2023. The registrant(s) has (have) commenced to transact business under the fictitious business name or names listed above on 07/2022. NOTICE- This Fictitious Name Statement expires five years from the date it was filed in the office of the County Clerk. A new Fictitious Business Name Statement must be filed prior to that date.
Publish: ES Mountain Views News
Dates Pub: April 15, 22, 29, May 6, 2023
FICTITIOUS BUSINESS NAME STATEMENT
File No. 2023079957. The following person(s) is (are) doing business as: AUTO WHOLESALE OUTLET 6542 LANKERSHIM BLVD, NORTH HOLLYWOOD, CA, 91606. Full name of registrant(s) is (are) KOMARS NAGHIBI 6542 LANKERSHIM BLVD, NORTH HOLLYWOOD, CA, 91606. This Business is conducted by: AN INDIVIDUAL. Signed: KOMARS NAGHIBI, OWNER. This statement was filed with the County Clerk of Los Angeles County on 04/11/2023. The registrant(s) has (have) commenced to transact business under the fictitious business name or names listed above on 08/1999. NOTICE- This Fictitious Name Statement expires five years from the date it was filed in the office of the County Clerk. A new Fictitious Business Name Statement must be filed prior to that date.
Publish: ES Mountain Views News
Dates Pub: April 15, 22, 29, May 6, 2023
FICTITIOUS BUSINESS NAME STATEMENT
File No. 2023065952. The following person(s) is (are) doing business as: GLOBAL AHASSAMAR IDEAL NETWORK 8045 SEPULVEDA BLVD #22, VAN NUYS, CA, 91402. Full name of registrant(s) is (are) ROCHONDA KAY EVENTSS 8045 SEPULVEDA BLVD #22, VAN NUYS, CA, 91402. This Business is conducted by: AN INDIVIDUAL. Signed: ROCHONDA KAY EVENTSS, OWNER. This statement was filed with the County Clerk of Los Angeles County on 04/13/2023.
Publish: ES Mountain Views News
Dates Pub: April 15, 22, 29, May 6, 2023
FICTITIOUS BUSINESS NAME STATEMENT
File No. 2023079983. The following person(s) is (are) doing business as: BEAUTY BY TALINE 135 W CALIFORNIA BLVD, PASADENA, CA, 91105. Full name of registrant(s) is (are) TALINE S HAGOPIAN 135 W CALIFORNIA BLVD, PASADENA, CA, 91105. This Business is conducted by: AN INDIVIDUAL. Signed: TALINE S HAGOPIAN, OWNER. This statement was filed with the County Clerk of Los Angeles County on 04/11/2023.
Publish: ES Mountain Views News
Dates Pub: April 15, 22, 29, May 6, 2023
FICTITIOUS BUSINESS NAME STATEMENT
File No. 2023080310. The following person(s) is (are) doing business as: BEAUTY BY LUZI 135 W CALIFORNIA BLVD, PASADENA, CA, 91105. Full name of registrant(s) is (are) LUZ NAVARRO 135 W CALIFORNIA BLVD, PASADENA, CA, 91105. This Business is conducted by: AN INDIVIDUAL. Signed: LUZ NAVARRO, OWNER. This statement was filed with the County Clerk of Los Angeles County on 04/11/2023.
Publish: ES Mountain Views News
Dates Pub: April 15, 22, 29, May 6, 2023
fictitious business name or names listed above on 02/2023. NOTICE- This Fictitious Name Statement expires five years from the date it was filed in the office of the County Clerk. A new Fictitious Business Name Statement must be filed prior to that date. The filing of this statement does not of itself authorize the use in this state of a Fictitious Business Name in violation of the rights of another under Federal, State, or common law (See section 14411 et seq. Business and Professions Code).
Publish: ES Mountain Views News
Dates Pub: April 15, 22, 29, May 6, 2023
FICTITIOUS BUSINESS NAME STATEMENT
File No. 2023080112. The following person(s) is (are) doing business as: SHOW HAIR 135 W CALIFORNIA BLVD, PASADENA, CA, 91105. LOS ANGELES COUNTY. Full name of registrant(s) is (are) ANI KHACHATRYAN 135 W CALIFORNIA BLVD, PASADENA, CA, 91105. This Business is conducted by: AN INDIVIDUAL. Signed: ANI KHACHATRYAN, OWNER. This statement was filed with the County Clerk of Los Angeles County on 04/11/2023. The registrant(s) has (have) commenced to transact business under the fictitious business name or names listed above on 04/2023. NOTICE- This Fictitious Name Statement expires five years from the date it was filed in the office of the County Clerk. A new Fictitious Business Name Statement must be filed prior to that date. The filing of this statement does not of itself authorize the use in this state of a Fictitious Business Name in violation of the rights of another under Federal, State, or common law (See section 14411 et seq. Business and Professions Code).
Publish: ES Mountain Views News
Dates Pub: April 15, 22, 29, May 6, 2023
FICTITIOUS BUSINESS NAME STATEMENT
File No. 2023079978. The following person(s) is (are) doing business as: JULIES EXOTIC FLOWERS & EVENTS 13515 VAN NUYS BLVD, PACOIMA, CA, 91331. Full name of registrant(s) is (are) YOLANDA AGUILAR JIMENEZ 13515 VAN NUYS BLVD, PACOIMA, CA, 91331. This Business is conducted by: AN INDIVIDUAL. Signed: YOLANDA AGUILAR JIMENEZ, GENERAL PARTNER. This statement was filed with the County Clerk of Los Angeles County on 04/10/2023. The registrant(s) has (have) commenced to transact business under the fictitious business name or names listed above on 03/2023. NOTICE- This Fictitious Name Statement expires five years from the date it was filed in the office of the County Clerk. A new Fictitious Business Name Statement must be filed prior to that date. The filing of this statement does not of itself authorize the use in this state of a Fictitious Business Name in violation of the rights of another under Federal, State, or common law (See section 14411 et seq. Business and Professions Code).
Publish: ES Mountain Views News
Dates Pub: April 15, 22, 29, May 6, 2023
FICTITIOUS BUSINESS NAME STATEMENT
File No. 2023079980. The following person(s) is (are) doing business as: ADOBE CANTINA RESTAURANT & GRILL 29100 AGOURA ROAD AGOURA HILLS, CA, 91301. Full name of registrant(s) is (are) CARLOS IVAN OROZCO GONZALEZ. This Business is conducted by: A CORPORATION. Signed: CARLOS IVAN OROZCO GONZALEZ, CEO. This statement was filed with the County Clerk of Los Angeles County on 04/10/2023. The registrant(s) has (have) commenced to transact business under the fictitious business name or names listed above on 04/2023. NOTICE- This Fictitious Name Statement expires five years from the date it was filed in the office of the County Clerk. A new Fictitious Business Name Statement must be filed prior to that date. The filing of this statement does not of itself authorize the use in this state of a Fictitious Business Name in violation of the rights of another under Federal, State, or common law (See section 14411 et seq. Business and Professions Code).
Publish: ES Mountain Views News
Dates Pub: April 15, 22, 29, May 6, 2023
FICTITIOUS BUSINESS NAME STATEMENT
File No. 2023082255. The following person(s) is (are) doing business as: TRAVERTINO LUXURY CLOTHING 15240 ROSCOE BLVD, PANORAMA CITY, CA, 91402. Full name of registrant(s) is (are) CHRISTOPHER PAUL LUJANO 15240 ROSCOE BLVD, PANORAMA CITY, CA, 91402. This Business is conducted by: AN INDIVIDUAL. Signed: CHRISTOPHER PAUL LUJANO, OWNER. This statement was filed with the County Clerk of Los Angeles County on 04/13/2023. The registrant(s) has (have) commenced to transact business under the fictitious business name or names listed above on N/A. NOTICE- This Fictitious Name Statement expires five years from the date it was filed in the office of the County Clerk. A new Fictitious Business Name Statement must be filed prior to that date.
Publish: ES Mountain Views News
Dates Pub: April 15, 22, 29, May 6, 2023
FICTITIOUS BUSINESS NAME STATEMENT
File No. 2023083055. The following person(s) is (are) doing business as: CENTER FOR AUTISM AND RELATED SERVICES 5949 LANKERSHIM BLVD, NORTH HOLLYWOOD, CA, 91601. Full name of registrant(s) is (are) WHOLE BODY CHILDREN LLC. This Business is conducted by: AN LLC. Signed: WHOLE BODY CHILDREN LLC SUMATHY KUMAR, MANAGING MEMBER. This statement was filed with the County Clerk of Los Angeles County on 04/12/2023. The registrant(s) has (have) commenced to transact business under the fictitious business name or names listed above on 04/2023.
Publish: ES Mountain Views News
Dates Pub: April 15, 22, 29, May 6, 2023
FICTITIOUS BUSINESS NAME STATEMENT
File No. 2023083068. The following person(s) is (are) doing business as: UNITED PERFORMING ARTS ACADEMY 5949 LANKERSHIM BLVD, NORTH HOLLYWOOD, CA, 91601. Full name of registrant(s) is (are) UNITED CHILDRENS LEARNING ACADEMY, LLC. This Business is conducted by: AN LLC. Signed: UNITED CHILDRENS LEARNING ACADEMY, LLC SUMATHY KUMAR, MANAGING MEMBER. This statement was filed with the County Clerk of Los Angeles County on 04/12/2023.
Publish: ES Mountain Views News
Dates Pub: April 15, 22, 29, May 6, 2023
FICTITIOUS BUSINESS NAME STATEMENT
File No. 2023-078152. The following person(s) is (are) doing business as: AMAZONIA WELLWORK SERVICES 6746 LOS VERDES DR APT 1, RANCHO PALOS VERDES, CA, 90275. Full name of registrant(s) is (are) VERONICA AMAZONIA. This Business is conducted by: AN INDIVIDUAL. Signed: VERONICA ALLENKNOWLES, OWNER. This statement was filed with the County Clerk of Los Angeles County on 04/07/2023.
Publish: Mountain Views News/JDC
Dates Pub: APRIL 8, 15, 22, 29, 2023
FICTITIOUS BUSINESS NAME STATEMENT
File No. 2023-084590. The following person(s) is (are) doing business as: CK PROFESSIONAL CONSULTING 1230 SAMPSON AVE, CORONA, CA, 92879. Full name of registrant(s) is (are) CITY KIDZ CAR RENTAL LLC. This Business is conducted by: AN LLC. Signed: JANSEN ABAHAMYAN, CEO. This statement was filed with the County Clerk of Los Angeles County on 04/19/2023.
Publish: Mountain Views News/JDC
Dates Pub: APRIL 8, 15, 22, 29, 2023
FICTITIOUS BUSINESS NAME STATEMENT
File No. 2023-078318. The following person(s) is (are) doing business as: CIVAR CONSTRUCTION SERVICES 2055 E 118TH ST, LOS ANGELES, CA, 90059. Full name of registrant(s) is (are) JUAN JOSE SORTO.
Publish: Mountain Views News/JDC
Dates Pub: APRIL 8, 15, 22, 29, 2023
Business is conducted by: AN INDIVIDUAL. Signed: JUAN JOSE SORTO, OWNER. This statement was filed with the County Clerk of Los Angeles County on 04/03/2023. The registrant(s) has (have) commenced to transact business under the fictitious business name or names listed above on N/A. NOTICE- This Fictitious Name Statement expires five years from the date it was filed in the office of the County Clerk. A new Fictitious Business Name Statement must be filed prior to that date. The filing of this statement does not of itself authorize the use in this state of a Fictitious Business Name in violation of the rights of another under Federal, State, or common law (See section 14411 et seq. Business and Professions Code).
Publish: Mountain Views News/JDC
Dates Pub: APRIL 8, 15, 22, 29, 2023
FICTITIOUS BUSINESS NAME STATEMENT
File No. 2023-067142. The following person(s) is (are) doing business as: EDRIEBLENNUSE 13313 GALE AVE, CITY OF INDUSTRY, CA 91745. Full name of registrant(s) is (are) EDMUNDO SALVADOR GUERRERO IV 13716 LAS VIVIAS LN, LA PUENTE, CA 91746. This Business is conducted by: AN INDIVIDUAL. Signed: EDMUNDO SALVADOR GUERRERO IV, OWNER. This statement was filed with the County Clerk of Los Angeles County on 03/28/2023. The registrant(s) has (have) commenced to transact business under the fictitious business name or names listed above on N/A. NOTICE- This Fictitious Name Statement expires five years from the date it was filed in the office of the County Clerk.
Publish: Mountain Views News/JDC
Dates Pub: APRIL 8, 15, 22, 29, 2023
FICTITIOUS BUSINESS NAME STATEMENT
File No. 2023-076757. The following person(s) is (are) doing business as: FENINE USA, 914 W ANAHEIM ST, WILMINGTON, CA 90744. Full name of registrant(s) is (are) FEDERACION NACIONAL ESTUDIANTES Y PROFESIONALES USA. This Business is conducted by: A CORPORATION. Signed: NORMA VARGAS VILLANUEVA, CEO. This statement was filed with the County Clerk of Los Angeles County on 04/06/2023. The registrant(s) has (have) commenced to transact business under the fictitious business name or names listed above on 01/2002. NOTICE- This Fictitious Name Statement expires five years from the date it was filed in the office of the County Clerk.
Publish: Mountain Views News/JDC
Dates Pub: APRIL 8, 15, 22, 29, 2023
FICTITIOUS BUSINESS NAME STATEMENT
File No. 2023-067499. The following person(s) is (are) doing business as: GETAXPRESS 2816 GALE AVE, LONG BEACH, CA 90810. Full name of registrant(s) is (are) GARY E TAYLOR 3306 E 7TH ST, LONG BEACH, CA 90804. This Business is conducted by: AN INDIVIDUAL. Signed: GARY E TAYLOR, OWNER. This statement was filed with the County Clerk of Los Angeles County on 03/29/2023. The registrant(s) has (have) commenced to transact business under the fictitious business name or names listed above on N/A.
Publish: Mountain Views News/JDC
Dates Pub: APRIL 8, 15, 22, 29, 2023
FICTITIOUS BUSINESS NAME STATEMENT
File No. 2023-065716. The following person(s) is (are) doing business as: HAIR BY LOLITA, 11487 WHITTIER BLVD, WHITTIER, CA 90601. Full name of registrant(s) is (are) MARIA DOLORES CASTILLO 11487 WHITTIER BLVD, WHITTIER, CA 90601. This Business is conducted by: AN INDIVIDUAL. Signed: MARIA DOLORES CASTILLO, OWNER. This statement was filed with the County Clerk of Los Angeles County on 03/27/2023. The registrant(s) has (have) commenced to transact business under the fictitious business name or names listed above on N/A.
Publish: Mountain Views News/JDC
Dates Pub: APRIL 8, 15, 22, 29, 2023
FICTITIOUS BUSINESS NAME STATEMENT
File No. 2023-067482. The following person(s) is (are) doing business as: MARIBELS FLOWERS, 231 UNION PL APT 11, LOS ANGELES, CA 90026. Full name of registrant(s) is (are) MARIBEL CABRERA CARRERA 231 UNION PL APT 11, LOS ANGELES, CA 90026. This Business is conducted by: AN INDIVIDUAL. Signed: MARIBEL CABRERA CARRERA, OWNER. This statement was filed with the County Clerk of Los Angeles County on 03/29/2023.
Publish: Mountain Views News/JDC
Dates Pub: APRIL 8, 15, 22, 29, 2023
FICTITIOUS BUSINESS NAME STATEMENT
File No. 2023-065735. The following person(s) is (are) doing business as: LYDIAS CLEANING, 10850 LAUREL AVE APT 14, WHITTIER, CA 90605. Full name of registrant(s) is (are) LYDIA ELSA LEON MONTOYA 10850 LAUREL AVE APT 14, WHITTIER, CA 90605. This Business is conducted by: AN INDIVIDUAL. Signed: LYDIA ELSA LEON MONTOYA, OWNER. This statement was filed with the County Clerk of Los Angeles County on 03/27/2023.
Publish: Mountain Views News/JDC
Dates Pub: APRIL 8, 15, 22, 29, 2023
FICTITIOUS BUSINESS NAME STATEMENT
File No. 2023-061462. The following person(s) is (are) doing business as: MARIA D HERNANDEZ, 9517 MORRIS ST, DOWNEY, CA 90242. Full name of registrant(s) is (are) MARIA D HERNANDEZ 9517 MORRIS ST, DOWNEY, CA 90242. This Business is conducted by: AN INDIVIDUAL. Signed: MARIA D HERNANDEZ, OWNER. This statement was filed with the County Clerk of Los Angeles County on 03/21/2023.
Publish: Mountain Views News/JDC
Dates Pub: APRIL 8, 15, 22, 29, 2023
FICTITIOUS BUSINESS NAME STATEMENT
File No. 2023-078174. The following person(s) is (are) doing business as: MIGUELS POOL SERVICES, 23701 S WESTERN AVE SP 184, TORRANCE, CA 90501. Full name of registrant(s) is (are) MIGUEL ANGEL ZEPEDA 23701 S WESTERN AVE SP 184, TORRANCE, CA 90501. This Business is conducted by: AN INDIVIDUAL. Signed: MIGUEL ANGEL ZEPEDA, OWNER. This statement was filed with the County Clerk of Los Angeles County on 04/07/2023.
Publish: Mountain Views News/JDC
Dates Pub: APRIL 8, 15, 22, 29, 2023
FICTITIOUS BUSINESS NAME STATEMENT
File No. 2023-078454. The following person(s) is (are) doing business as: TRANSPORT, 906 W 92ND ST, LOS ANGELES, CA 90044. Full name of registrant(s) is (are) CARLOS FRANCISCO PAMAL GARCIA, 906 W 92ND ST, LOS ANGELES, CA 90044. This Business is conducted by: AN INDIVIDUAL. Signed: CARLOS FRANCISCO PAMAL GARCIA, OWNER. This statement was filed with the County Clerk of Los Angeles County on 04/07/2023.
Publish: Mountain Views News/JDC
Dates Pub: APRIL 8, 15, 22, 29, 2023
Mountain Views News 80 W Sierra Madre Blvd. No. 327 Sierra Madre, Ca. 91024 Office: 626.355.2737 Fax: 626.609.3285 Email: editor@mtnviewsnews.com Website: www.mtnviewsnews.com
